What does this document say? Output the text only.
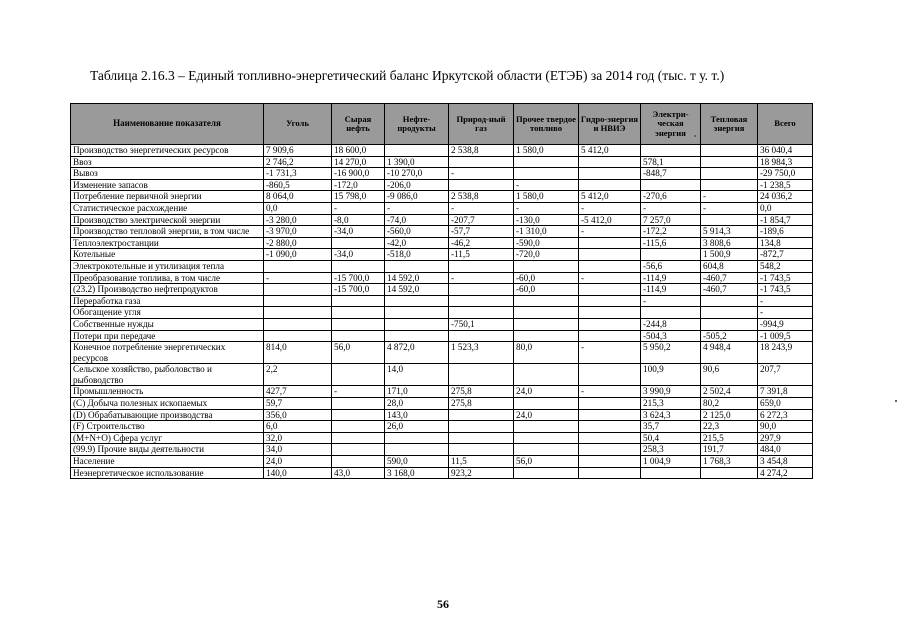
Таблица 2.16.3 – Единый топливно-энергетический баланс Иркутской области (ЕТЭБ) за 2014 год (тыс. т у. т.)
Наименование показателя	Уголь	Сырая нефть	Нефте-продукты	Природ-ный газ	Прочее твердое топливо	Гидро-энергия и НВИЭ	Электри-ческая энергия	Тепловая энергия	Всего
Производство энергетических ресурсов	7 909,6	18 600,0		2 538,8	1 580,0	5 412,0			36 040,4
Ввоз	2 746,2	14 270,0	1 390,0				578,1		18 984,3
Вывоз	-1 731,3	-16 900,0	-10 270,0	-			-848,7		-29 750,0
Изменение запасов	-860,5	-172,0	-206,0		-				-1 238,5
Потребление первичной энергии	8 064,0	15 798,0	-9 086,0	2 538,8	1 580,0	5 412,0	-270,6	-	24 036,2
Статистическое расхождение	0,0	-	-	-	-	-	-	-	0,0
Производство электрической энергии	-3 280,0	-8,0	-74,0	-207,7	-130,0	-5 412,0	7 257,0		-1 854,7
Производство тепловой энергии, в том числе	-3 970,0	-34,0	-560,0	-57,7	-1 310,0	-	-172,2	5 914,3	-189,6
Теплоэлектростанции	-2 880,0		-42,0	-46,2	-590,0		-115,6	3 808,6	134,8
Котельные	-1 090,0	-34,0	-518,0	-11,5	-720,0			1 500,9	-872,7
Электрокотельные и утилизация тепла							-56,6	604,8	548,2
Преобразование топлива, в том числе	-	-15 700,0	14 592,0	-	-60,0	-	-114,9	-460,7	-1 743,5
(23.2) Производство нефтепродуктов		-15 700,0	14 592,0		-60,0		-114,9	-460,7	-1 743,5
Переработка газа							-		-
Обогащение угля									-
Собственные нужды				-750,1			-244,8		-994,9
Потери при передаче							-504,3	-505,2	-1 009,5
Конечное потребление энергетических ресурсов	814,0	56,0	4 872,0	1 523,3	80,0	-	5 950,2	4 948,4	18 243,9
Сельское хозяйство, рыболовство и рыбоводство	2,2		14,0				100,9	90,6	207,7
Промышленность	427,7	-	171,0	275,8	24,0	-	3 990,9	2 502,4	7 391,8
(C) Добыча полезных ископаемых	59,7		28,0	275,8			215,3	80,2	659,0
(D) Обрабатывающие производства	356,0		143,0		24,0		3 624,3	2 125,0	6 272,3
(F) Строительство	6,0		26,0				35,7	22,3	90,0
(M+N+O) Сфера услуг	32,0						50,4	215,5	297,9
(99.9) Прочие виды деятельности	34,0						258,3	191,7	484,0
Население	24,0		590,0	11,5	56,0		1 004,9	1 768,3	3 454,8
Неэнергетическое использование	140,0	43,0	3 168,0	923,2					4 274,2
56
